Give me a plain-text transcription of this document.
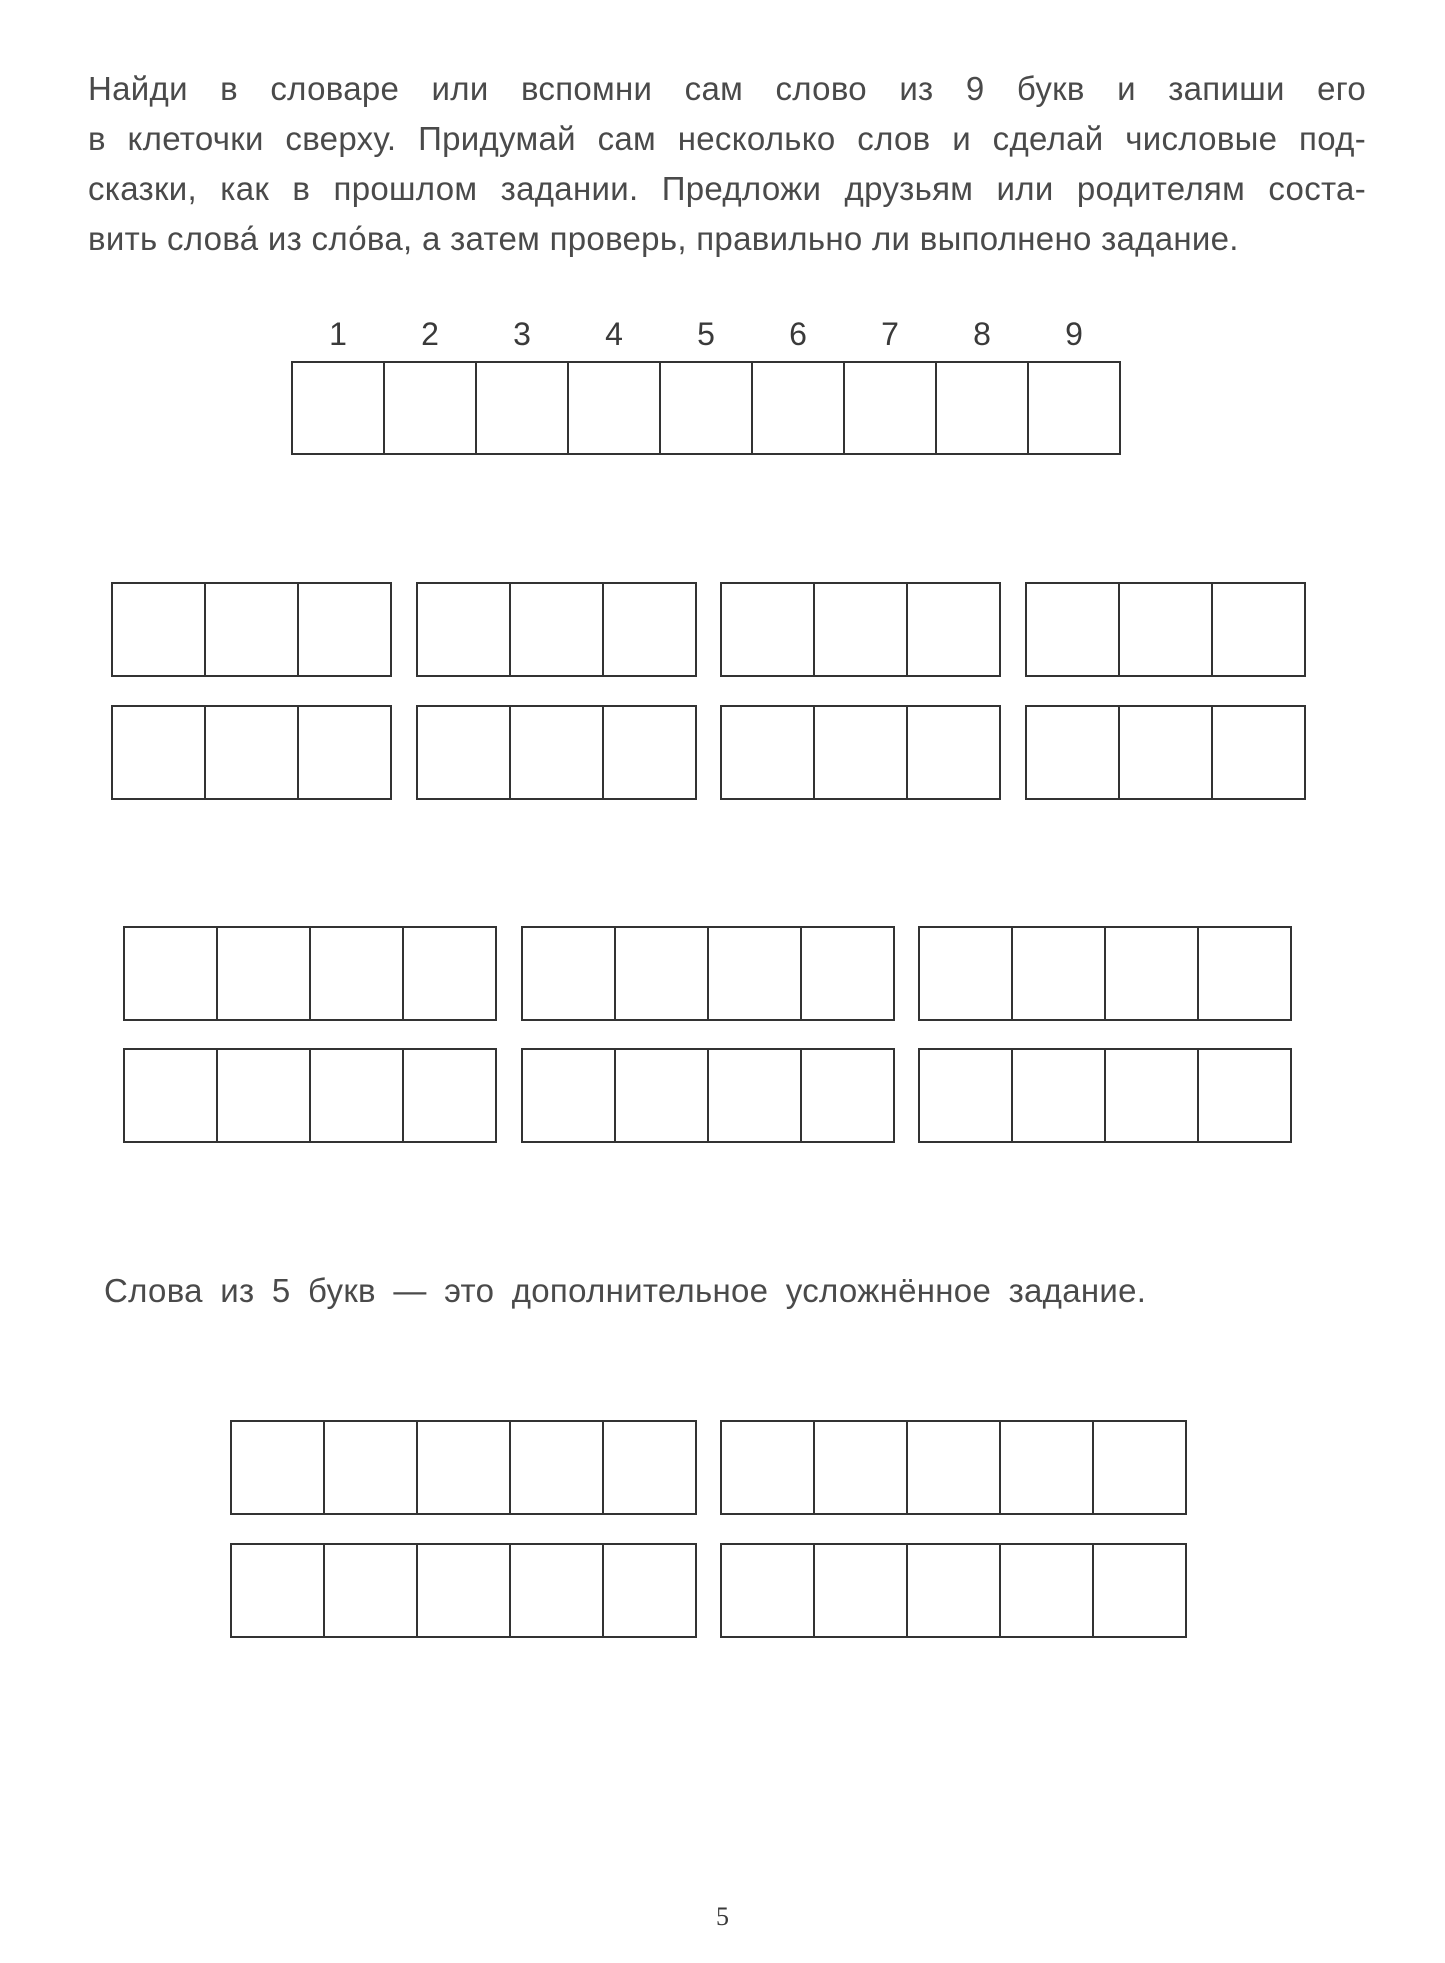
Найди в словаре или вспомни сам слово из 9 букв и запиши его
в клеточки сверху. Придумай сам несколько слов и сделай числовые под-
сказки, как в прошлом задании. Предложи друзьям или родителям соста-
вить слова́ из сло́ва, а затем проверь, правильно ли выполнено задание.
1	2	3	4	5	6	7	8	9

Слова из 5 букв — это дополнительное усложнённое задание.

5
